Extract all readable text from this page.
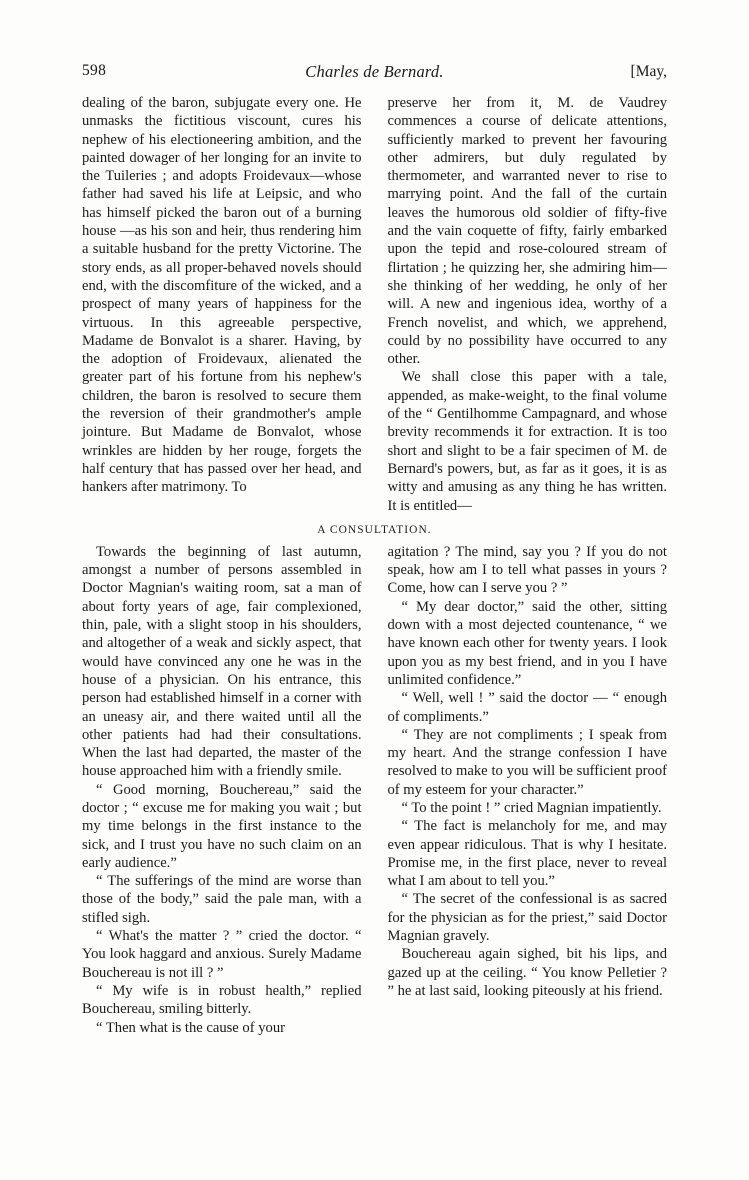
598	Charles de Bernard.	[May,

dealing of the baron, subjugate every one. He unmasks the fictitious viscount, cures his nephew of his electioneering ambition, and the painted dowager of her longing for an invite to the Tuileries ; and adopts Froidevaux—whose father had saved his life at Leipsic, and who has himself picked the baron out of a burning house —as his son and heir, thus rendering him a suitable husband for the pretty Victorine. The story ends, as all proper-behaved novels should end, with the discomfiture of the wicked, and a prospect of many years of happiness for the virtuous. In this agreeable perspective, Madame de Bonvalot is a sharer. Having, by the adoption of Froidevaux, alienated the greater part of his fortune from his nephew's children, the baron is resolved to secure them the reversion of their grandmother's ample jointure. But Madame de Bonvalot, whose wrinkles are hidden by her rouge, forgets the half century that has passed over her head, and hankers after matrimony. To

preserve her from it, M. de Vaudrey commences a course of delicate attentions, sufficiently marked to prevent her favouring other admirers, but duly regulated by thermometer, and warranted never to rise to marrying point. And the fall of the curtain leaves the humorous old soldier of fifty-five and the vain coquette of fifty, fairly embarked upon the tepid and rose-coloured stream of flirtation ; he quizzing her, she admiring him—she thinking of her wedding, he only of her will. A new and ingenious idea, worthy of a French novelist, and which, we apprehend, could by no possibility have occurred to any other.

We shall close this paper with a tale, appended, as make-weight, to the final volume of the “ Gentilhomme Campagnard, and whose brevity recommends it for extraction. It is too short and slight to be a fair specimen of M. de Bernard's powers, but, as far as it goes, it is as witty and amusing as any thing he has written. It is entitled—

A CONSULTATION.

Towards the beginning of last autumn, amongst a number of persons assembled in Doctor Magnian's waiting room, sat a man of about forty years of age, fair complexioned, thin, pale, with a slight stoop in his shoulders, and altogether of a weak and sickly aspect, that would have convinced any one he was in the house of a physician. On his entrance, this person had established himself in a corner with an uneasy air, and there waited until all the other patients had had their consultations. When the last had departed, the master of the house approached him with a friendly smile.

“ Good morning, Bouchereau,” said the doctor ; “ excuse me for making you wait ; but my time belongs in the first instance to the sick, and I trust you have no such claim on an early audience.”

“ The sufferings of the mind are worse than those of the body,” said the pale man, with a stifled sigh.

“ What's the matter ? ” cried the doctor. “ You look haggard and anxious. Surely Madame Bouchereau is not ill ? ”

“ My wife is in robust health,” replied Bouchereau, smiling bitterly.

“ Then what is the cause of your

agitation ? The mind, say you ? If you do not speak, how am I to tell what passes in yours ? Come, how can I serve you ? ”

“ My dear doctor,” said the other, sitting down with a most dejected countenance, “ we have known each other for twenty years. I look upon you as my best friend, and in you I have unlimited confidence.”

“ Well, well ! ” said the doctor — “ enough of compliments.”

“ They are not compliments ; I speak from my heart. And the strange confession I have resolved to make to you will be sufficient proof of my esteem for your character.”

“ To the point ! ” cried Magnian impatiently.

“ The fact is melancholy for me, and may even appear ridiculous. That is why I hesitate. Promise me, in the first place, never to reveal what I am about to tell you.”

“ The secret of the confessional is as sacred for the physician as for the priest,” said Doctor Magnian gravely.

Bouchereau again sighed, bit his lips, and gazed up at the ceiling. “ You know Pelletier ? ” he at last said, looking piteously at his friend.
